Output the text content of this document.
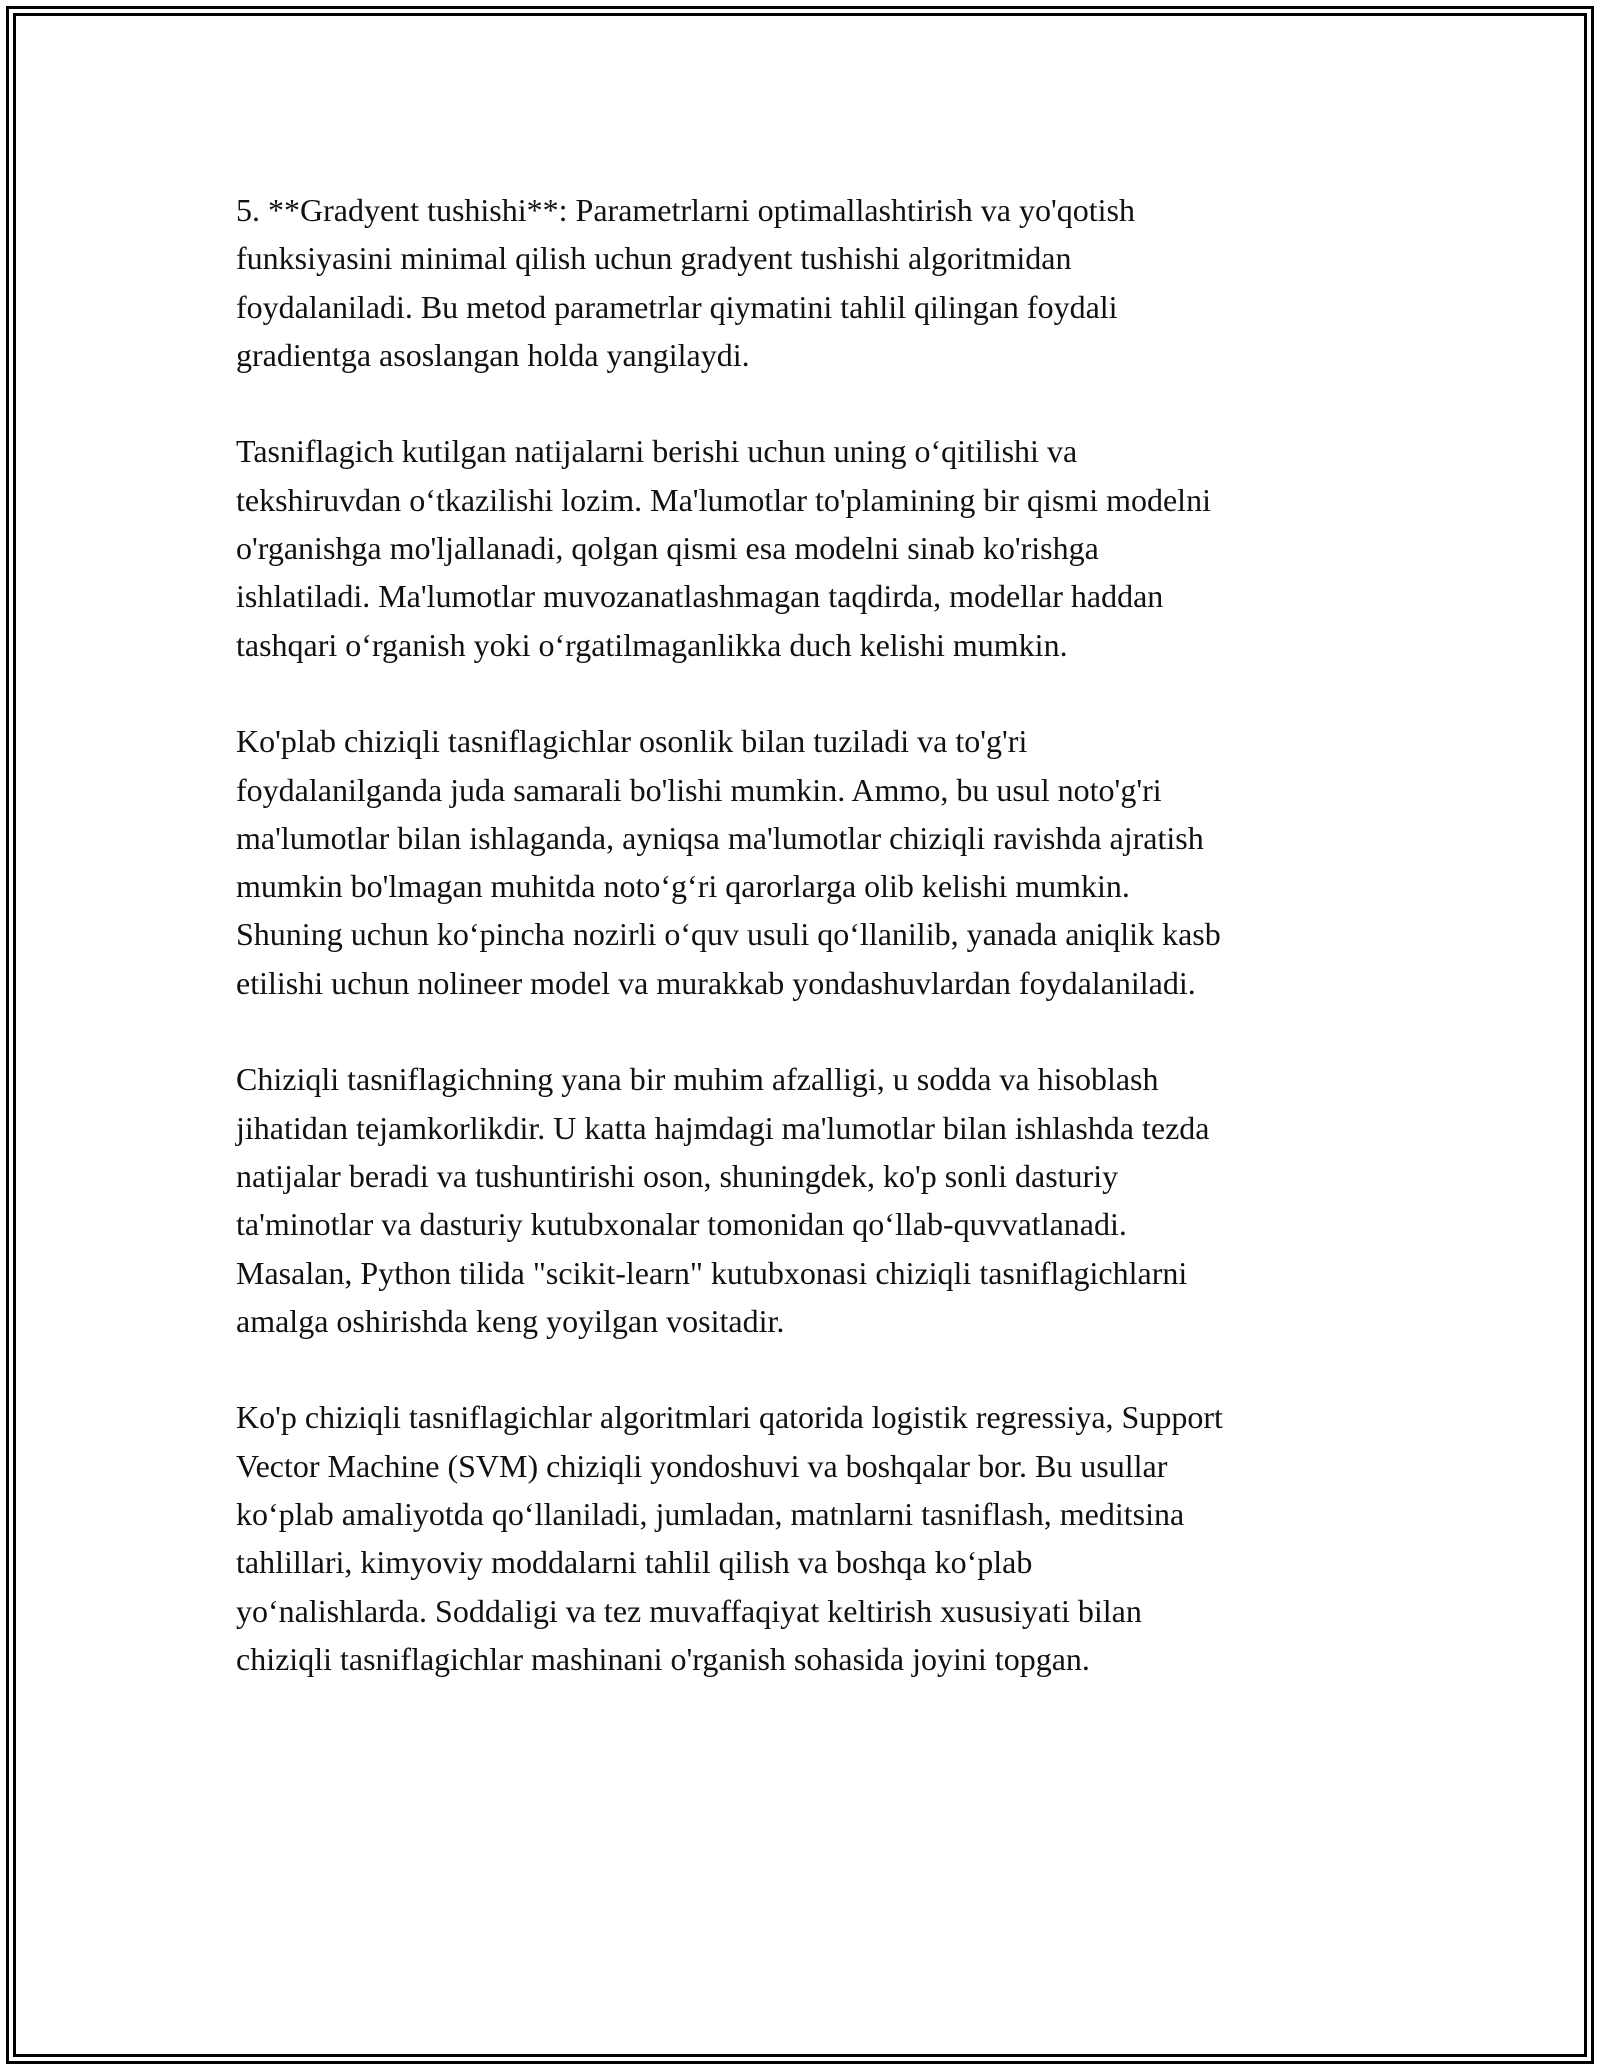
5. **Gradyent tushishi**: Parametrlarni optimallashtirish va yo'qotish
funksiyasini minimal qilish uchun gradyent tushishi algoritmidan
foydalaniladi. Bu metod parametrlar qiymatini tahlil qilingan foydali
gradientga asoslangan holda yangilaydi.

Tasniflagich kutilgan natijalarni berishi uchun uning o‘qitilishi va
tekshiruvdan o‘tkazilishi lozim. Ma'lumotlar to'plamining bir qismi modelni
o'rganishga mo'ljallanadi, qolgan qismi esa modelni sinab ko'rishga
ishlatiladi. Ma'lumotlar muvozanatlashmagan taqdirda, modellar haddan
tashqari o‘rganish yoki o‘rgatilmaganlikka duch kelishi mumkin.

Ko'plab chiziqli tasniflagichlar osonlik bilan tuziladi va to'g'ri
foydalanilganda juda samarali bo'lishi mumkin. Ammo, bu usul noto'g'ri
ma'lumotlar bilan ishlaganda, ayniqsa ma'lumotlar chiziqli ravishda ajratish
mumkin bo'lmagan muhitda noto‘g‘ri qarorlarga olib kelishi mumkin.
Shuning uchun ko‘pincha nozirli o‘quv usuli qo‘llanilib, yanada aniqlik kasb
etilishi uchun nolineer model va murakkab yondashuvlardan foydalaniladi.

Chiziqli tasniflagichning yana bir muhim afzalligi, u sodda va hisoblash
jihatidan tejamkorlikdir. U katta hajmdagi ma'lumotlar bilan ishlashda tezda
natijalar beradi va tushuntirishi oson, shuningdek, ko'p sonli dasturiy
ta'minotlar va dasturiy kutubxonalar tomonidan qo‘llab-quvvatlanadi.
Masalan, Python tilida "scikit-learn" kutubxonasi chiziqli tasniflagichlarni
amalga oshirishda keng yoyilgan vositadir.

Ko'p chiziqli tasniflagichlar algoritmlari qatorida logistik regressiya, Support
Vector Machine (SVM) chiziqli yondoshuvi va boshqalar bor. Bu usullar
ko‘plab amaliyotda qo‘llaniladi, jumladan, matnlarni tasniflash, meditsina
tahlillari, kimyoviy moddalarni tahlil qilish va boshqa ko‘plab
yo‘nalishlarda. Soddaligi va tez muvaffaqiyat keltirish xususiyati bilan
chiziqli tasniflagichlar mashinani o'rganish sohasida joyini topgan.
